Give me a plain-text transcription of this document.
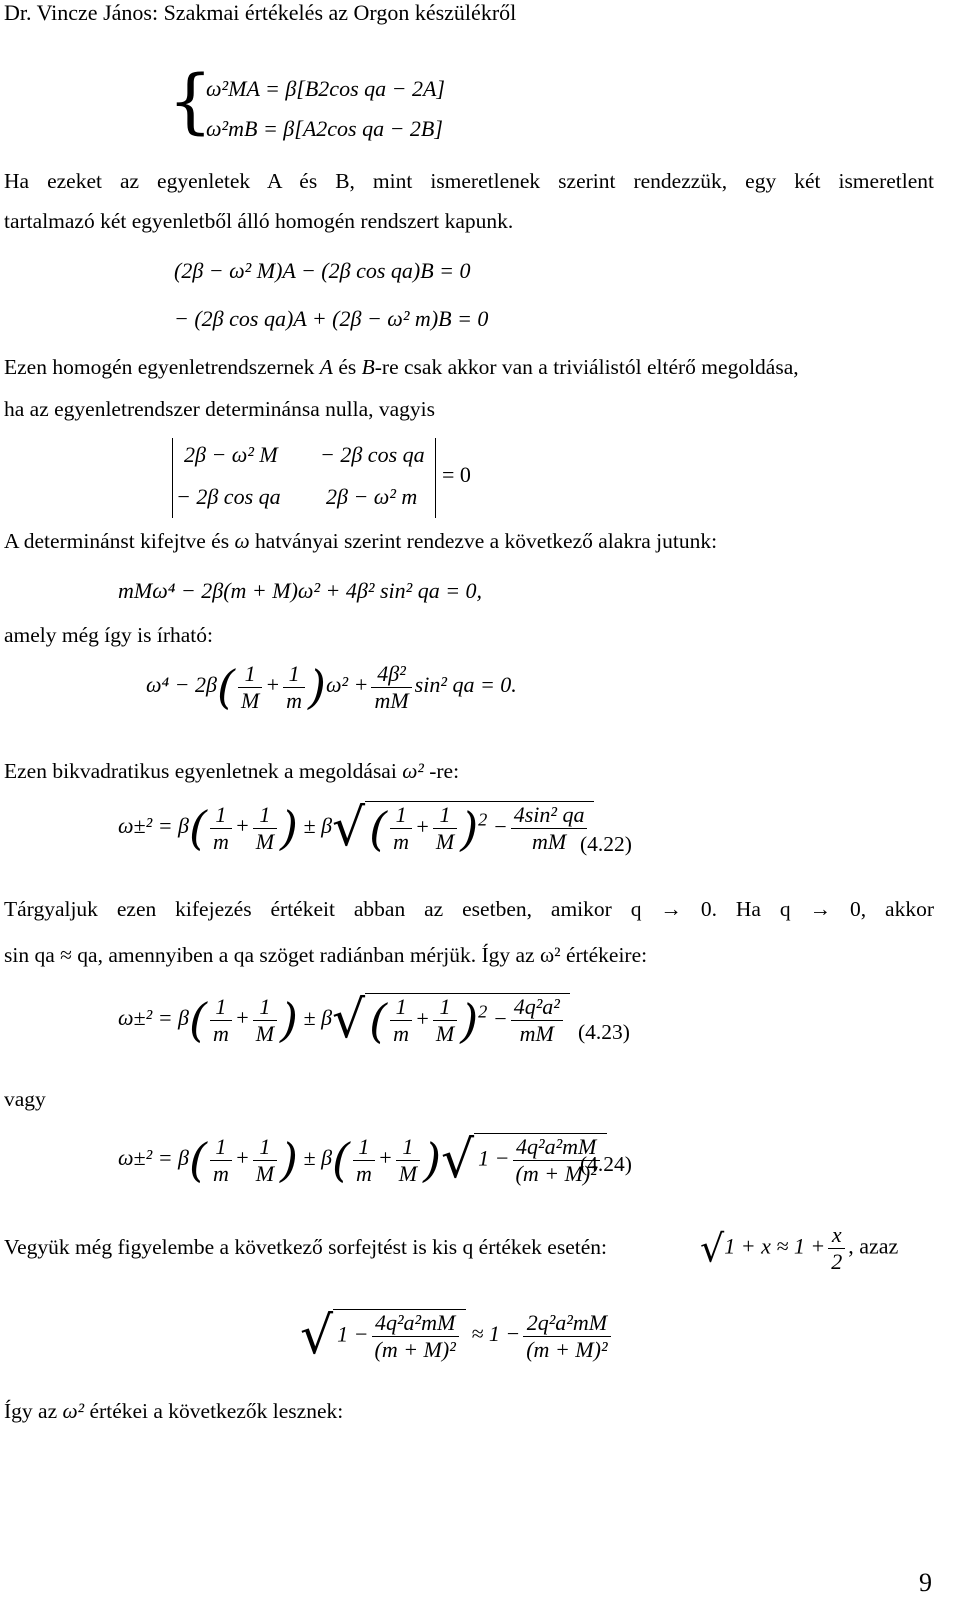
Dr. Vincze János: Szakmai értékelés az Orgon készülékről
{
ω²MA = β[B2cos qa − 2A]
ω²mB = β[A2cos qa − 2B]
Ha ezeket az egyenletek A és B, mint ismeretlenek szerint rendezzük, egy két ismeretlent
tartalmazó két egyenletből álló homogén rendszert kapunk.
(2β − ω² M)A − (2β cos qa)B = 0
− (2β cos qa)A + (2β − ω² m)B = 0
Ezen homogén egyenletrendszernek A és B-re csak akkor van a triviálistól eltérő megoldása,
ha az egyenletrendszer determinánsa nulla, vagyis
2β − ω² M − 2β cos qa
− 2β cos qa 2β − ω² m
= 0
A determinánst kifejtve és ω hatványai szerint rendezve a következő alakra jutunk:
mMω⁴ − 2β(m + M)ω² + 4β² sin² qa = 0,
amely még így is írható:
$\omega^4 - 2\beta( \frac{1}{M} + \frac{1}{m} )\omega^2 + \frac{\text{4β²}}{mM} \sin^2$ qa = 0.
Ezen bikvadratikus egyenletnek a megoldásai ω² -re:
$\omega\pm^2 = \beta( \frac{1}{m} + \frac{1}{M}$ ) ± $\beta√( \frac{1}{m} + \frac{1}{M} )^2 - \frac{\text{4sin² qa}}{mM}$
(4.22)
Tárgyaljuk ezen kifejezés értékeit abban az esetben, amikor q → 0. Ha q → 0, akkor
sin qa ≈ qa, amennyiben a qa szöget radiánban mérjük. Így az ω² értékeire:
$\omega\pm^2 = \beta( \frac{1}{m} + \frac{1}{M}$ ) ± $\beta√( \frac{1}{m} + \frac{1}{M} )^2 - \frac{\text{4q²a²}}{mM} (4.23)$
vagy
$\omega\pm^2 = \beta( \frac{1}{m} + \frac{1}{M}$ ) ± $\beta( \frac{1}{m} + \frac{1}{M}$ )√ $1 - \frac{\text{4q²a²mM}}{\text{(m + M)²}}$
(4.24)
Vegyük még figyelembe a következő sorfejtést is kis q értékek esetén: $√1 + x \approx 1 + \frac{x}{2}$ , azaz
√ $1 - \frac{\text{4q²a²mM}}{\text{(m + M)²}} \approx 1 - \frac{\text{2q²a²mM}}{\text{(m + M)²}}$
Így az ω² értékei a következők lesznek:
9
